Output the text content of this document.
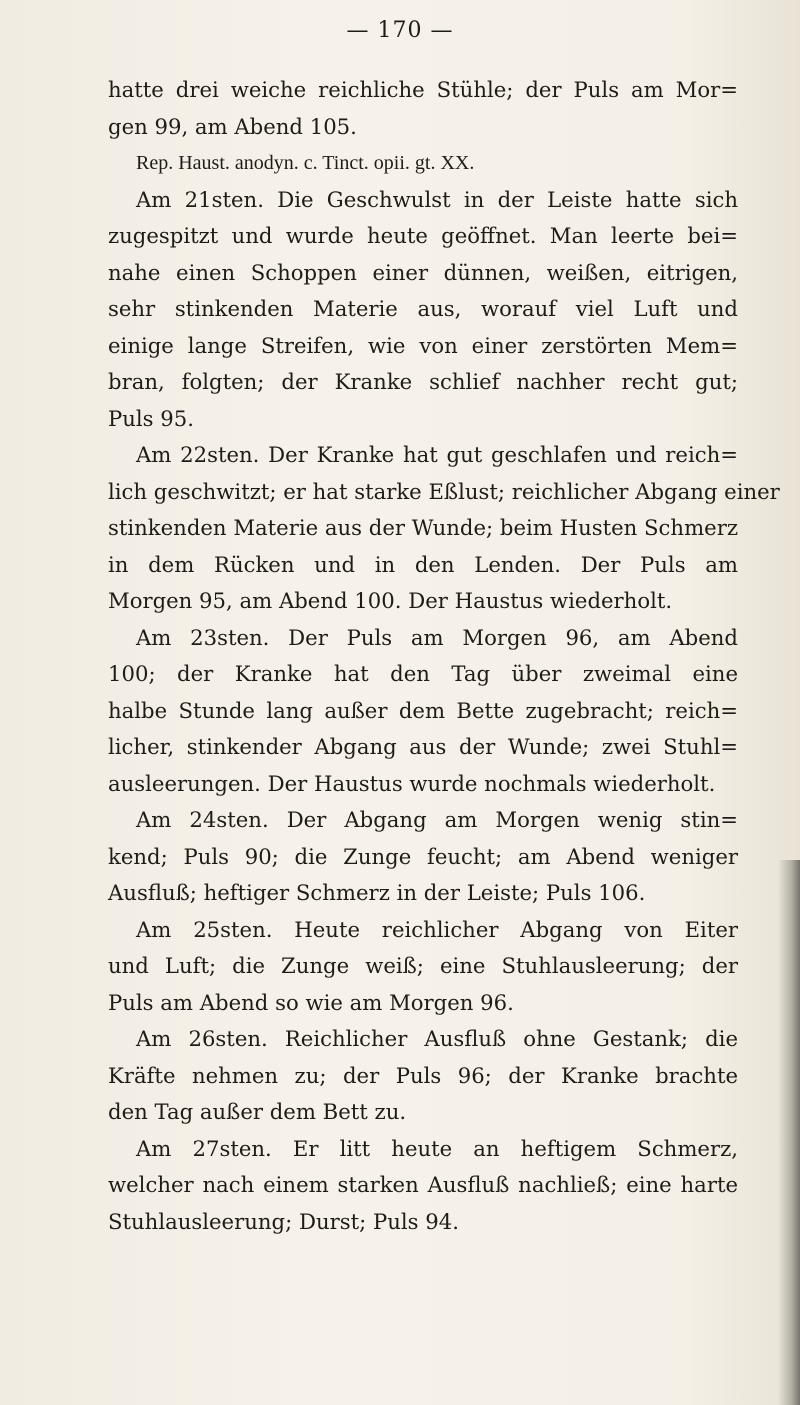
— 170 —
hatte drei weiche reichliche Stühle; der Puls am Mor=
gen 99, am Abend 105.
Rep. Haust. anodyn. c. Tinct. opii. gt. XX.
Am 21sten. Die Geschwulst in der Leiste hatte sich
zugespitzt und wurde heute geöffnet. Man leerte bei=
nahe einen Schoppen einer dünnen, weißen, eitrigen,
sehr stinkenden Materie aus, worauf viel Luft und
einige lange Streifen, wie von einer zerstörten Mem=
bran, folgten; der Kranke schlief nachher recht gut;
Puls 95.
Am 22sten. Der Kranke hat gut geschlafen und reich=
lich geschwitzt; er hat starke Eßlust; reichlicher Abgang einer
stinkenden Materie aus der Wunde; beim Husten Schmerz
in dem Rücken und in den Lenden. Der Puls am
Morgen 95, am Abend 100. Der Haustus wiederholt.
Am 23sten. Der Puls am Morgen 96, am Abend
100; der Kranke hat den Tag über zweimal eine
halbe Stunde lang außer dem Bette zugebracht; reich=
licher, stinkender Abgang aus der Wunde; zwei Stuhl=
ausleerungen. Der Haustus wurde nochmals wiederholt.
Am 24sten. Der Abgang am Morgen wenig stin=
kend; Puls 90; die Zunge feucht; am Abend weniger
Ausfluß; heftiger Schmerz in der Leiste; Puls 106.
Am 25sten. Heute reichlicher Abgang von Eiter
und Luft; die Zunge weiß; eine Stuhlausleerung; der
Puls am Abend so wie am Morgen 96.
Am 26sten. Reichlicher Ausfluß ohne Gestank; die
Kräfte nehmen zu; der Puls 96; der Kranke brachte
den Tag außer dem Bett zu.
Am 27sten. Er litt heute an heftigem Schmerz,
welcher nach einem starken Ausfluß nachließ; eine harte
Stuhlausleerung; Durst; Puls 94.
